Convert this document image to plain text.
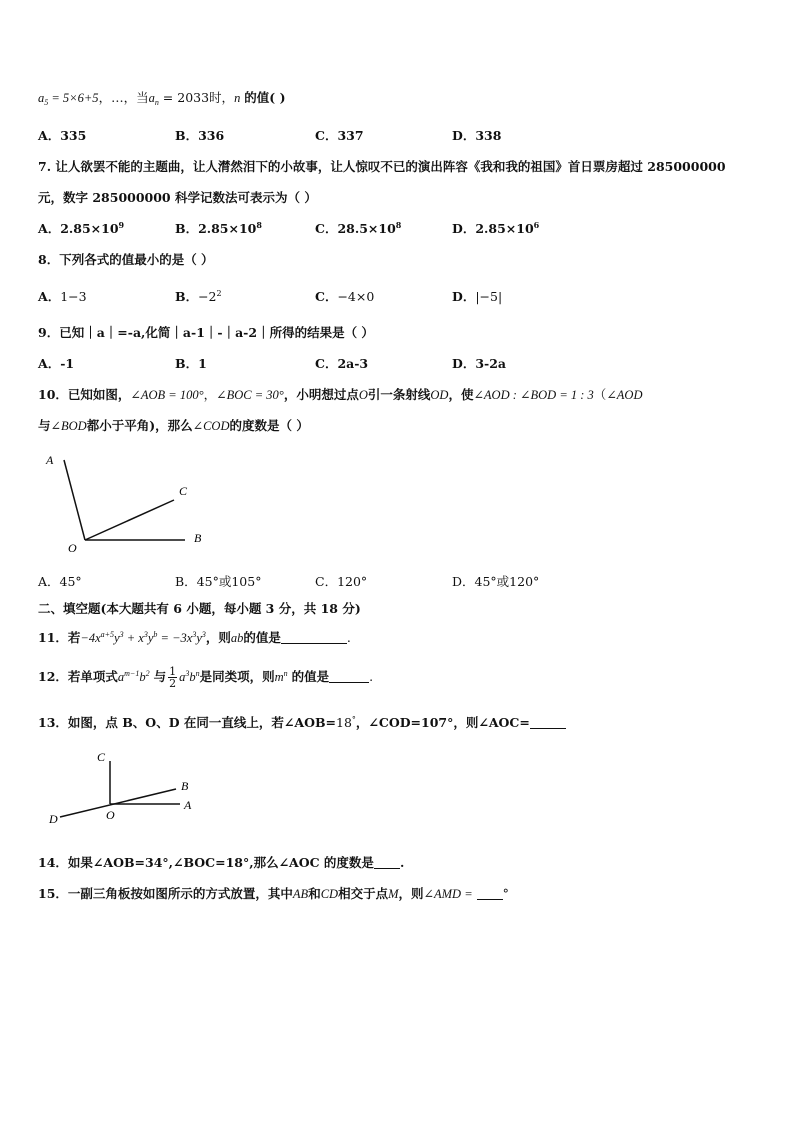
$a_5 = 5\times 6+5$，…，当$a_n = 2033$时，n 的值( )
A．335	B．336	C．337	D．338
7. 让人欲罢不能的主题曲，让人潸然泪下的小故事，让人惊叹不已的演出阵容《我和我的祖国》首日票房超过 285000000
元，数字 285000000 科学记数法可表示为（ ）
A．$2.85\times 10^9$	B．$2.85\times 10^8$	C．$28.5\times 10^8$	D．$2.85\times 10^6$
8．下列各式的值最小的是（ ）
A．1−3	B．$-2^2$	C．−4×0	D．|−5|
9．已知｜a｜=-a,化简｜a-1｜-｜a-2｜所得的结果是（ ）
A．-1	B．1	C．2a-3	D．3-2a
10．已知如图，∠AOB = 100°，∠BOC = 30°，小明想过点O引一条射线OD，使∠AOD : ∠BOD = 1 : 3（∠AOD
与∠BOD都小于平角)，那么∠COD的度数是（ ）
A
C
O
B
A．45°	B．45°或105°	C．120°	D．45°或120°
二、填空题(本大题共有 6 小题，每小题 3 分，共 18 分)
11．若$-4x^{a+5}y^3 + x^3y^b = -3x^3y^3$，则ab的值是	.
12．若单项式$a^{m-1}b^2$ 与 $\frac{1}{2} a^3b^n$是同类项，则$m^n$ 的值是	.
13．如图，点 B、O、D 在同一直线上，若∠AOB=18°，∠COD=107°，则∠AOC=
C
B
A
D	O
14．如果∠AOB=34°,∠BOC=18°,那么∠AOC 的度数是 .
15．一副三角板按如图所示的方式放置，其中AB和CD相交于点M，则∠AMD = °
